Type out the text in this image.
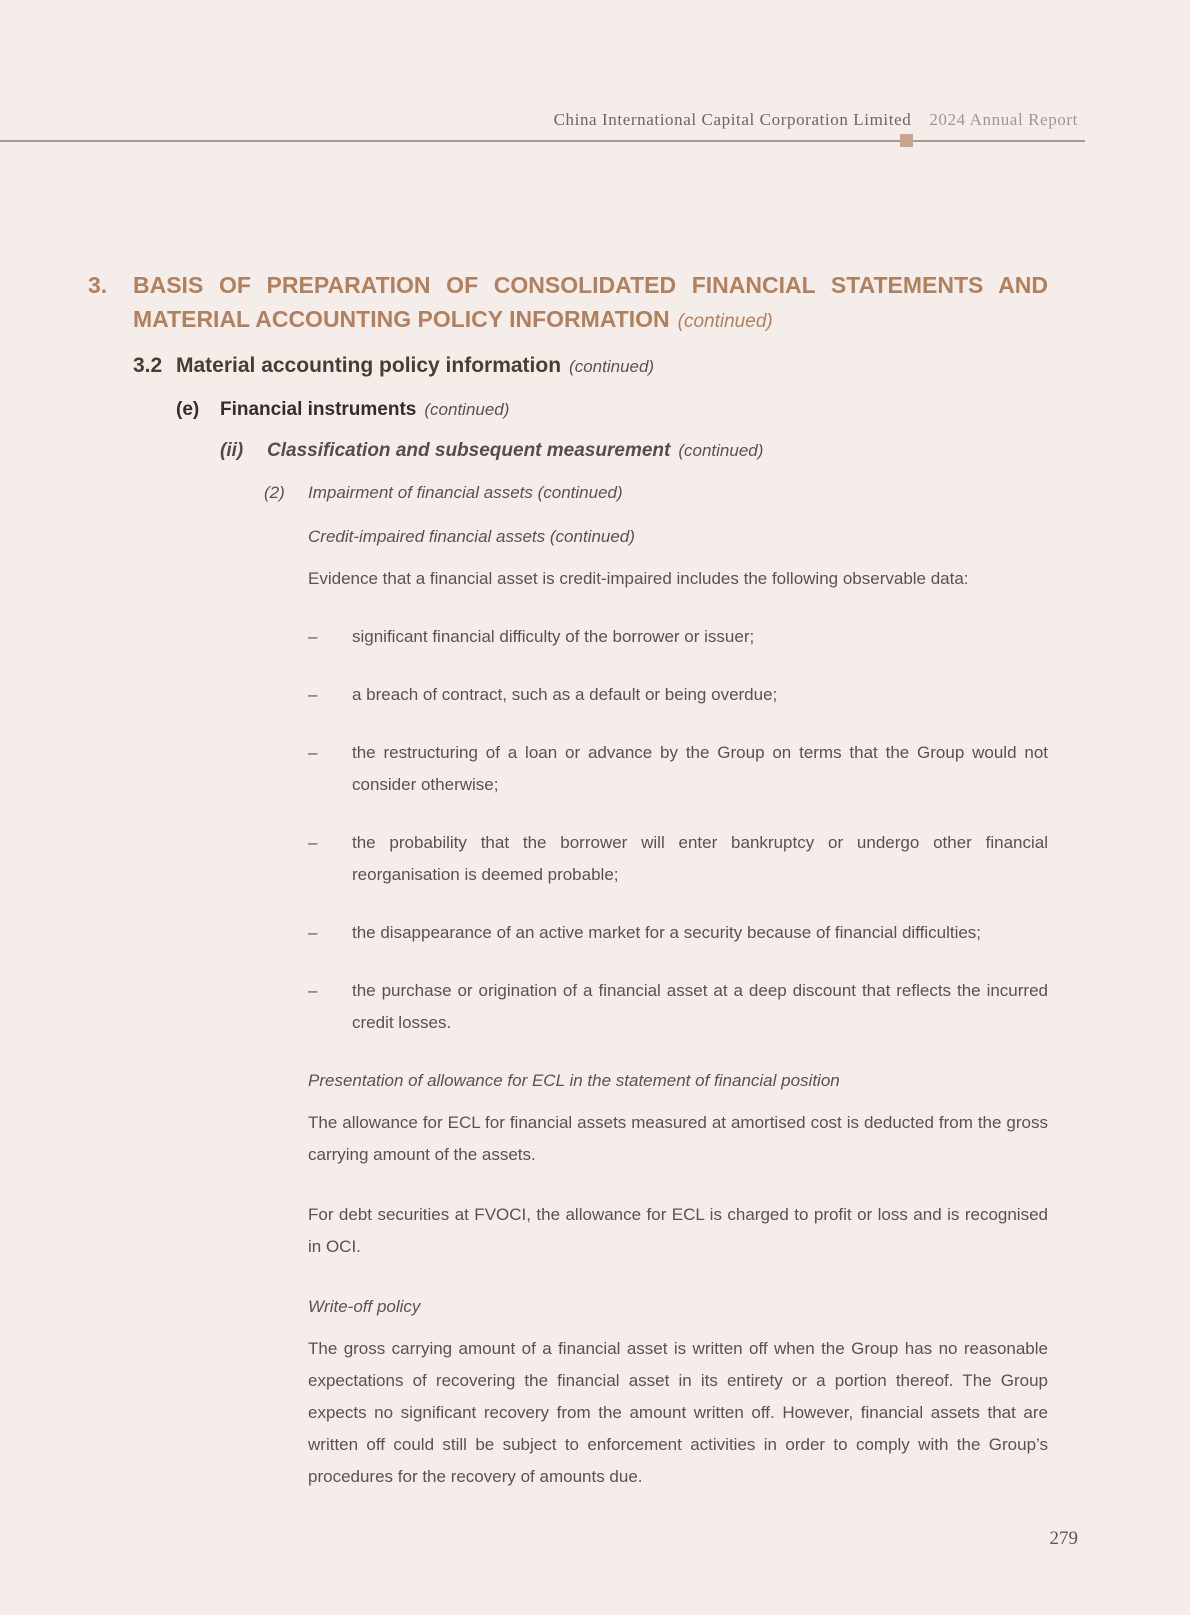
China International Capital Corporation Limited 2024 Annual Report
3.	BASIS OF PREPARATION OF CONSOLIDATED FINANCIAL STATEMENTS AND
MATERIAL ACCOUNTING POLICY INFORMATION (continued)
3.2 Material accounting policy information (continued)
(e)	Financial instruments (continued)
(ii)	Classification and subsequent measurement (continued)
(2)	Impairment of financial assets (continued)

Credit-impaired financial assets (continued)

Evidence that a financial asset is credit-impaired includes the following observable data:

–	significant financial difficulty of the borrower or issuer;
–	a breach of contract, such as a default or being overdue;
–	the restructuring of a loan or advance by the Group on terms that the Group would not consider otherwise;
–	the probability that the borrower will enter bankruptcy or undergo other financial reorganisation is deemed probable;
–	the disappearance of an active market for a security because of financial difficulties;
–	the purchase or origination of a financial asset at a deep discount that reflects the incurred credit losses.

Presentation of allowance for ECL in the statement of financial position

The allowance for ECL for financial assets measured at amortised cost is deducted from the gross carrying amount of the assets.

For debt securities at FVOCI, the allowance for ECL is charged to profit or loss and is recognised in OCI.

Write-off policy

The gross carrying amount of a financial asset is written off when the Group has no reasonable expectations of recovering the financial asset in its entirety or a portion thereof. The Group expects no significant recovery from the amount written off. However, financial assets that are written off could still be subject to enforcement activities in order to comply with the Group’s procedures for the recovery of amounts due.

279
